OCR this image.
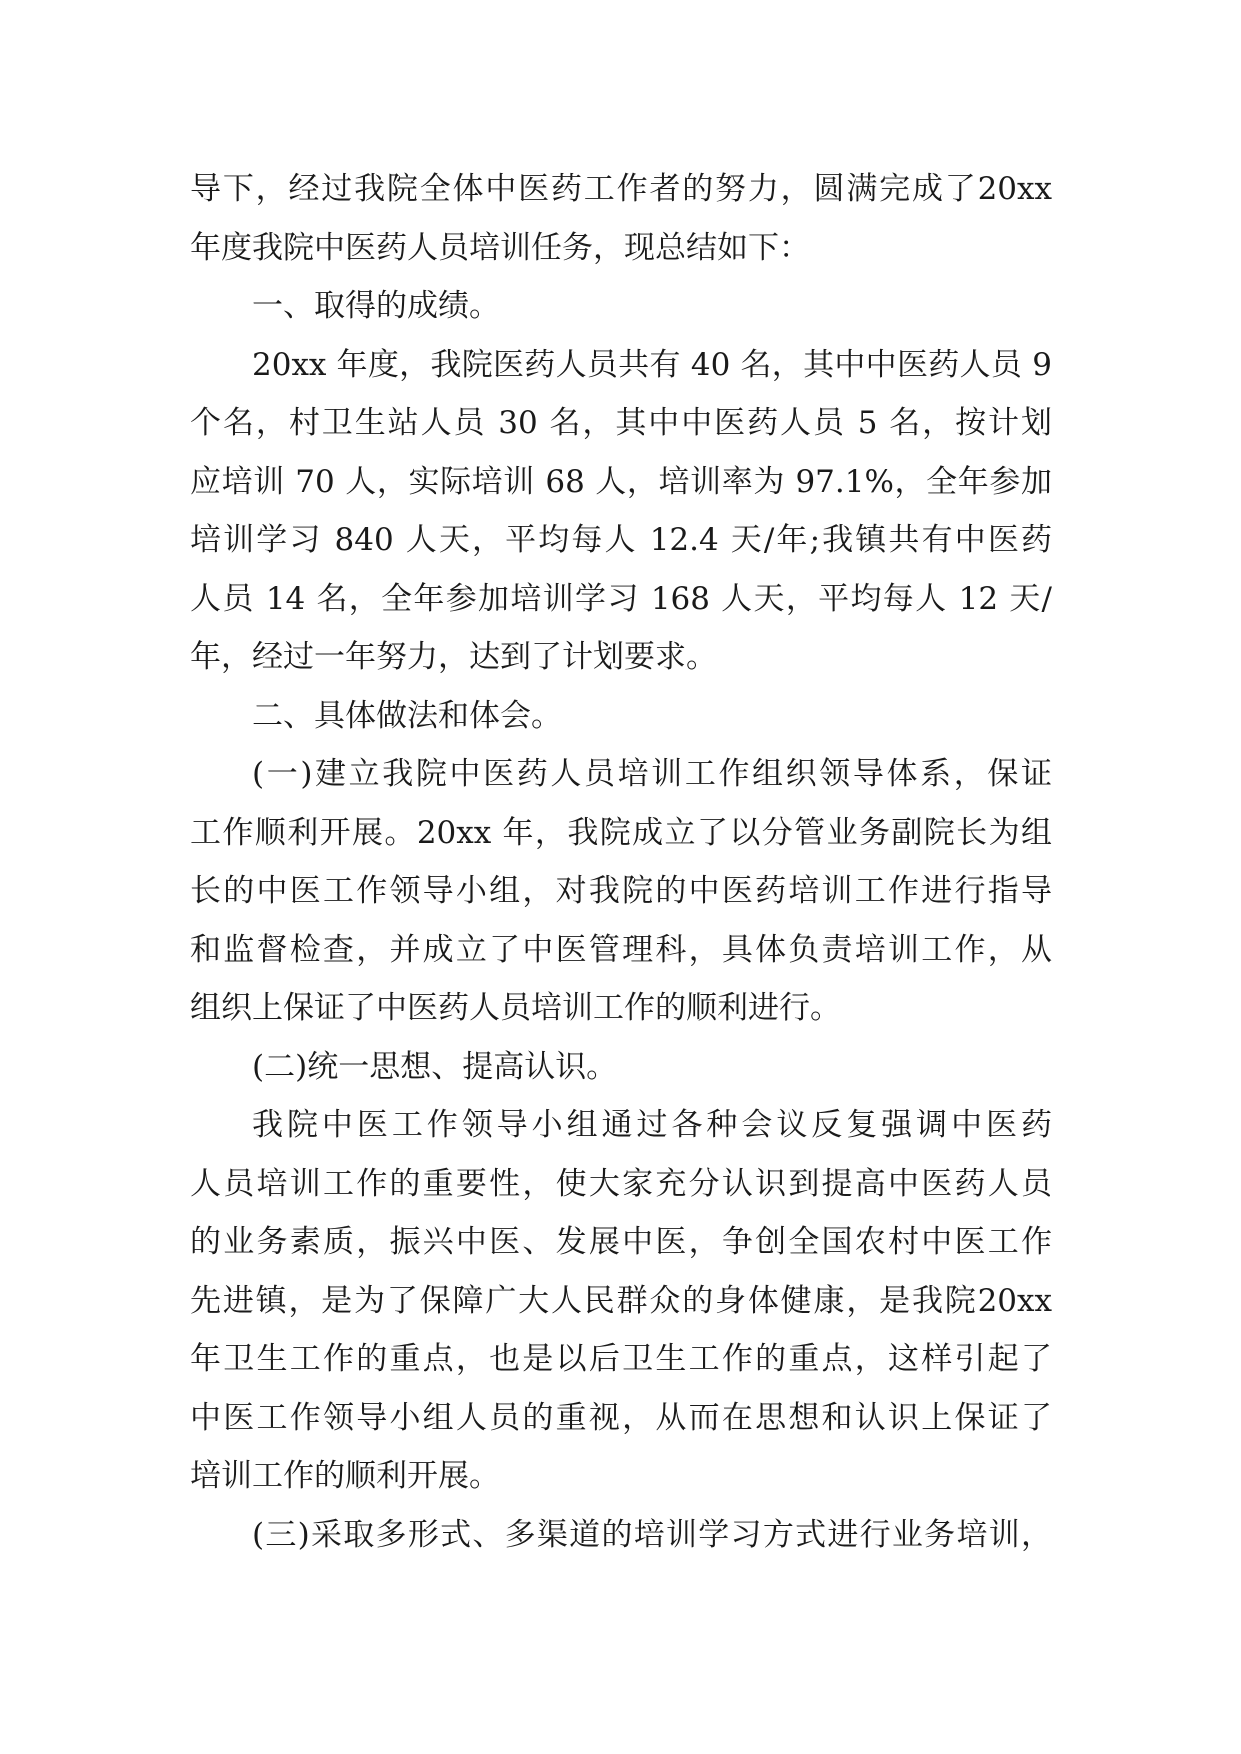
导下，经过我院全体中医药工作者的努力，圆满完成了20xx
年度我院中医药人员培训任务，现总结如下：
一、取得的成绩。
20xx 年度，我院医药人员共有 40 名，其中中医药人员 9
个名，村卫生站人员 30 名，其中中医药人员 5 名，按计划
应培训 70 人，实际培训 68 人，培训率为 97.1%，全年参加
培训学习 840 人天，平均每人 12.4 天/年;我镇共有中医药
人员 14 名，全年参加培训学习 168 人天，平均每人 12 天/
年，经过一年努力，达到了计划要求。
二、具体做法和体会。
(一)建立我院中医药人员培训工作组织领导体系，保证
工作顺利开展。20xx 年，我院成立了以分管业务副院长为组
长的中医工作领导小组，对我院的中医药培训工作进行指导
和监督检查，并成立了中医管理科，具体负责培训工作，从
组织上保证了中医药人员培训工作的顺利进行。
(二)统一思想、提高认识。
我院中医工作领导小组通过各种会议反复强调中医药
人员培训工作的重要性，使大家充分认识到提高中医药人员
的业务素质，振兴中医、发展中医，争创全国农村中医工作
先进镇，是为了保障广大人民群众的身体健康，是我院20xx
年卫生工作的重点，也是以后卫生工作的重点，这样引起了
中医工作领导小组人员的重视，从而在思想和认识上保证了
培训工作的顺利开展。
(三)采取多形式、多渠道的培训学习方式进行业务培训，
